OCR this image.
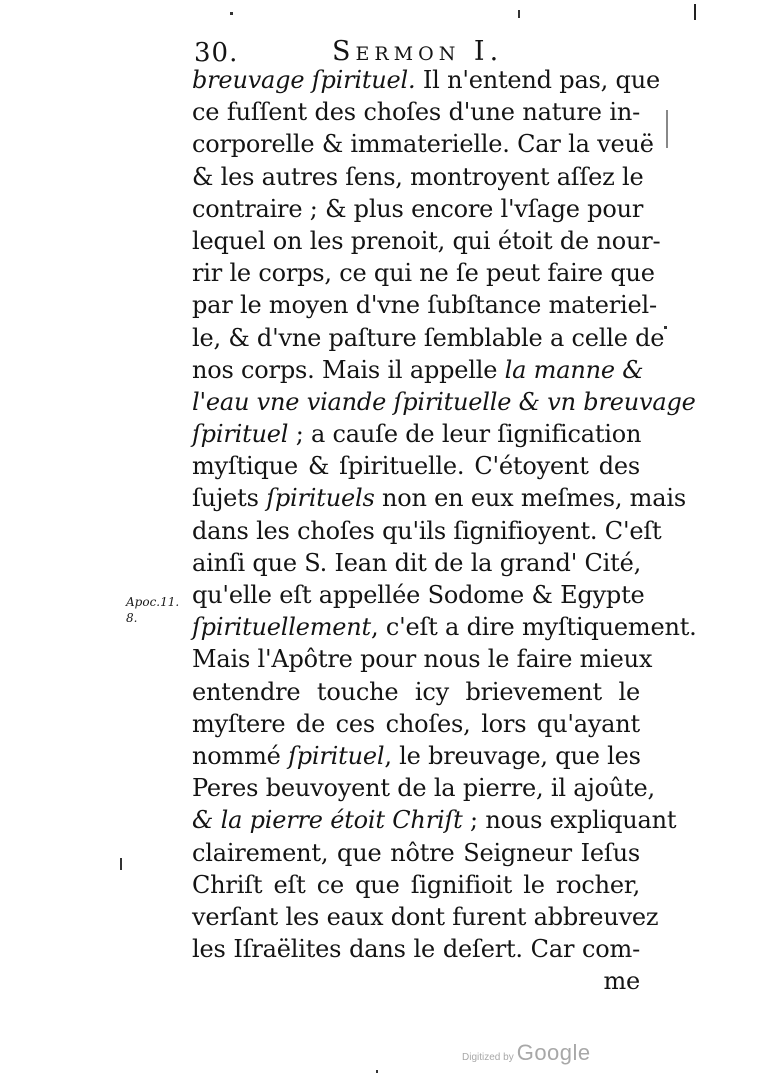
30.	Sermon I.
breuvage ſpirituel. Il n'entend pas, que
ce fuſſent des choſes d'une nature in-
corporelle & immaterielle. Car la veuë
& les autres ſens, montroyent aſſez le
contraire ; & plus encore l'vſage pour
lequel on les prenoit, qui étoit de nour-
rir le corps, ce qui ne ſe peut faire que
par le moyen d'vne ſubſtance materiel-
le, & d'vne paſture ſemblable a celle de
nos corps. Mais il appelle la manne &
l'eau vne viande ſpirituelle & vn breuvage
ſpirituel ; a cauſe de leur ſignification
myſtique & ſpirituelle. C'étoyent des
ſujets ſpirituels non en eux meſmes, mais
dans les choſes qu'ils ſignifioyent. C'eſt
ainſi que S. Iean dit de la grand' Cité,
qu'elle eſt appellée Sodome & Egypte
ſpirituellement, c'eſt a dire myſtiquement.
Mais l'Apôtre pour nous le faire mieux
entendre touche icy brievement le
myſtere de ces choſes, lors qu'ayant
nommé ſpirituel, le breuvage, que les
Peres beuvoyent de la pierre, il ajoûte,
& la pierre étoit Chriſt ; nous expliquant
clairement, que nôtre Seigneur Ieſus
Chriſt eſt ce que ſignifioit le rocher,
verſant les eaux dont furent abbreuvez
les Iſraëlites dans le deſert. Car com-
me
Apoc.11.
8.
Digitized by Google
